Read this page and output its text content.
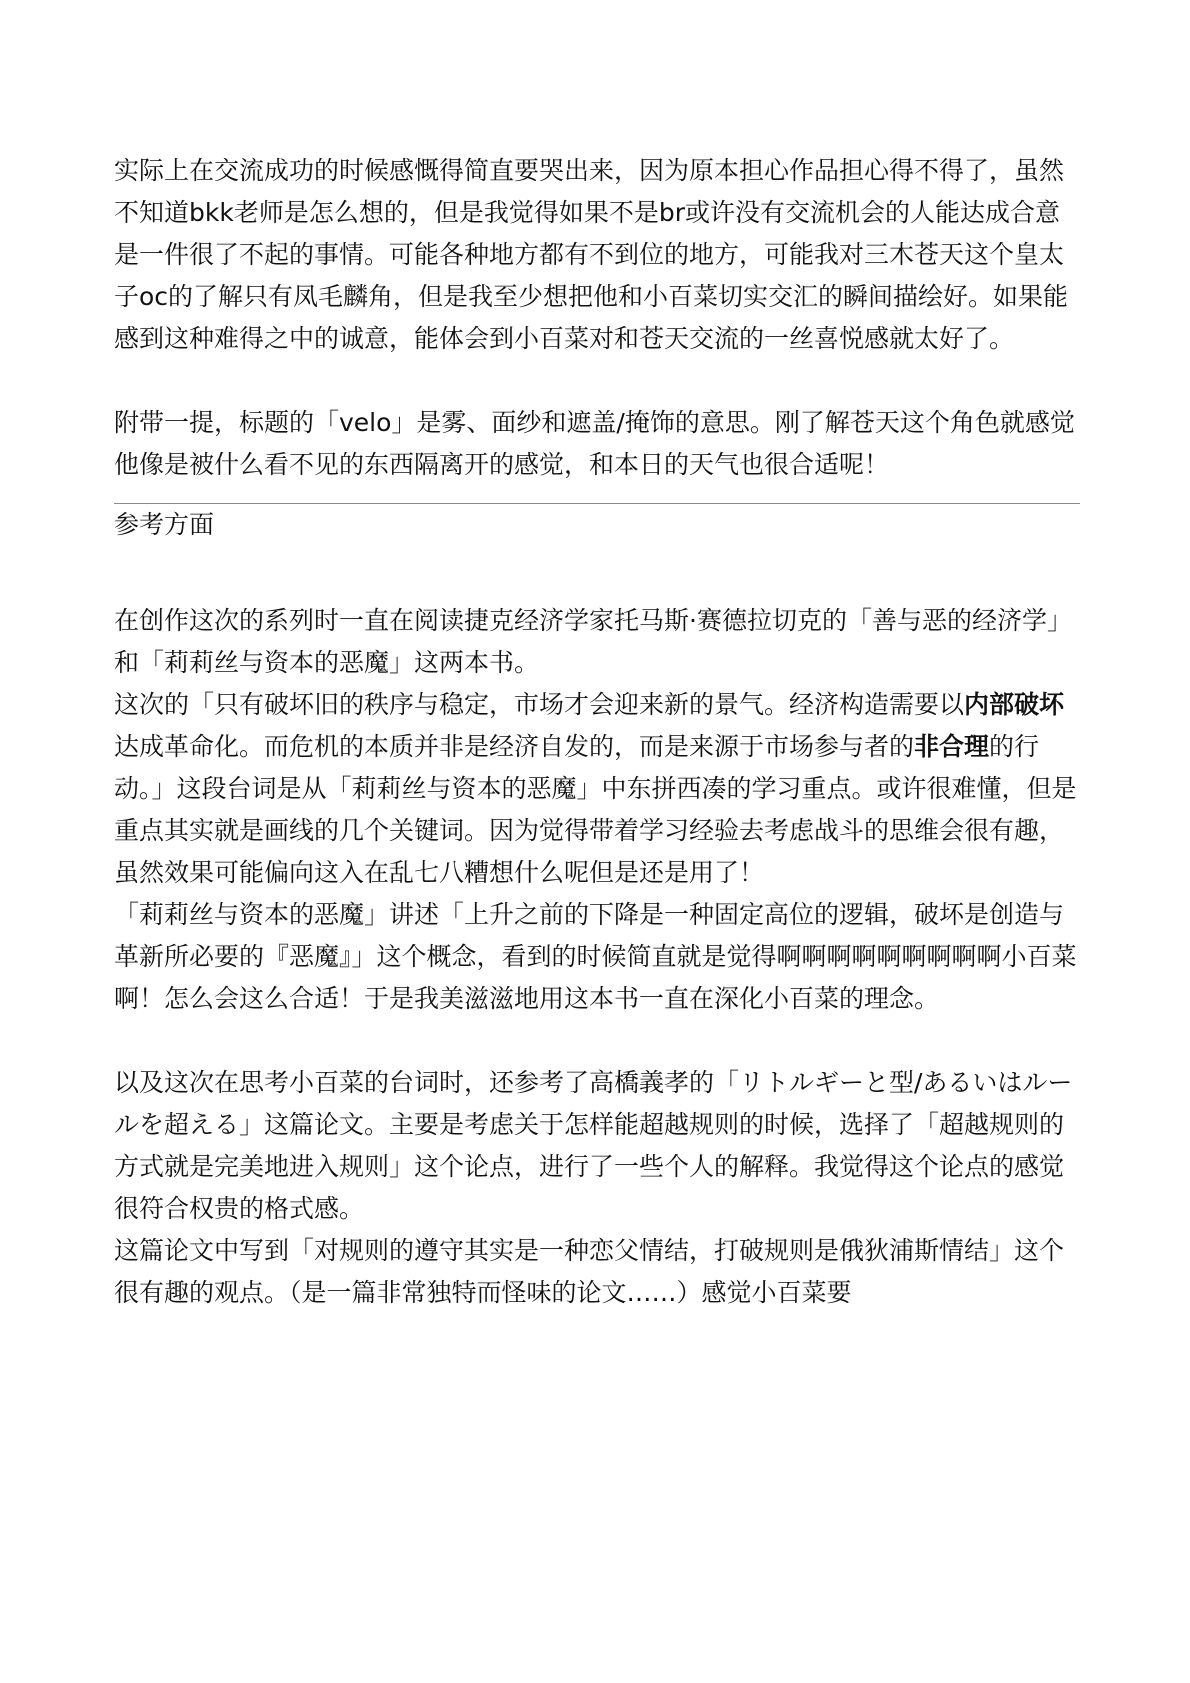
实际上在交流成功的时候感慨得简直要哭出来，因为原本担心作品担心得不得了，虽然不知道bkk老师是怎么想的，但是我觉得如果不是br或许没有交流机会的人能达成合意是一件很了不起的事情。可能各种地方都有不到位的地方，可能我对三木苍天这个皇太子oc的了解只有凤毛麟角，但是我至少想把他和小百菜切实交汇的瞬间描绘好。如果能感到这种难得之中的诚意，能体会到小百菜对和苍天交流的一丝喜悦感就太好了。

附带一提，标题的「velo」是雾、面纱和遮盖/掩饰的意思。刚了解苍天这个角色就感觉他像是被什么看不见的东西隔离开的感觉，和本日的天气也很合适呢！

参考方面

在创作这次的系列时一直在阅读捷克经济学家托马斯·赛德拉切克的「善与恶的经济学」和「莉莉丝与资本的恶魔」这两本书。

这次的「只有破坏旧的秩序与稳定，市场才会迎来新的景气。经济构造需要以内部破坏达成革命化。而危机的本质并非是经济自发的，而是来源于市场参与者的非合理的行动。」这段台词是从「莉莉丝与资本的恶魔」中东拼西凑的学习重点。或许很难懂，但是重点其实就是画线的几个关键词。因为觉得带着学习经验去考虑战斗的思维会很有趣，虽然效果可能偏向这入在乱七八糟想什么呢但是还是用了！

「莉莉丝与资本的恶魔」讲述「上升之前的下降是一种固定高位的逻辑，破坏是创造与革新所必要的『恶魔』」这个概念，看到的时候简直就是觉得啊啊啊啊啊啊啊啊啊小百菜啊！怎么会这么合适！于是我美滋滋地用这本书一直在深化小百菜的理念。

以及这次在思考小百菜的台词时，还参考了高橋義孝的「リトルギーと型/あるいはルールを超える」这篇论文。主要是考虑关于怎样能超越规则的时候，选择了「超越规则的方式就是完美地进入规则」这个论点，进行了一些个人的解释。我觉得这个论点的感觉很符合权贵的格式感。

这篇论文中写到「对规则的遵守其实是一种恋父情结，打破规则是俄狄浦斯情结」这个很有趣的观点。（是一篇非常独特而怪味的论文……）感觉小百菜要
